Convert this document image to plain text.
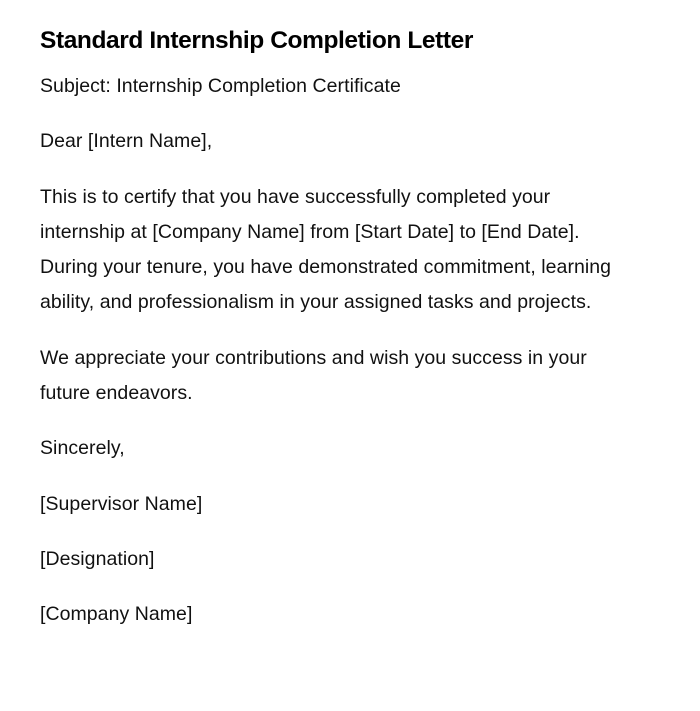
Standard Internship Completion Letter

Subject: Internship Completion Certificate

Dear [Intern Name],

This is to certify that you have successfully completed your internship at [Company Name] from [Start Date] to [End Date]. During your tenure, you have demonstrated commitment, learning ability, and professionalism in your assigned tasks and projects.

We appreciate your contributions and wish you success in your future endeavors.

Sincerely,

[Supervisor Name]

[Designation]

[Company Name]
